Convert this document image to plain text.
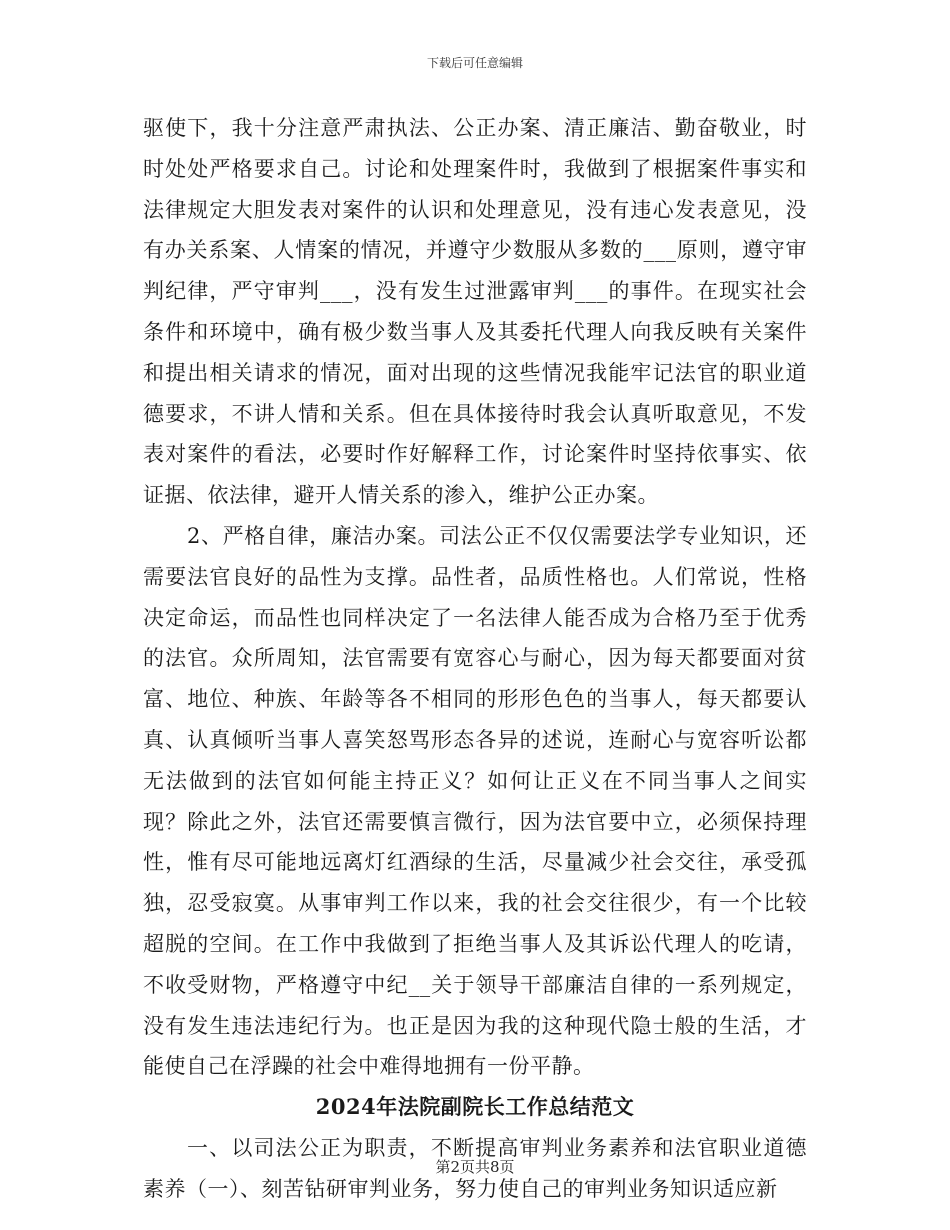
下载后可任意编辑

驱使下，我十分注意严肃执法、公正办案、清正廉洁、勤奋敬业，时时处处严格要求自己。讨论和处理案件时，我做到了根据案件事实和法律规定大胆发表对案件的认识和处理意见，没有违心发表意见，没有办关系案、人情案的情况，并遵守少数服从多数的___原则，遵守审判纪律，严守审判___，没有发生过泄露审判___的事件。在现实社会条件和环境中，确有极少数当事人及其委托代理人向我反映有关案件和提出相关请求的情况，面对出现的这些情况我能牢记法官的职业道德要求，不讲人情和关系。但在具体接待时我会认真听取意见，不发表对案件的看法，必要时作好解释工作，讨论案件时坚持依事实、依证据、依法律，避开人情关系的渗入，维护公正办案。

2、严格自律，廉洁办案。司法公正不仅仅需要法学专业知识，还需要法官良好的品性为支撑。品性者，品质性格也。人们常说，性格决定命运，而品性也同样决定了一名法律人能否成为合格乃至于优秀的法官。众所周知，法官需要有宽容心与耐心，因为每天都要面对贫富、地位、种族、年龄等各不相同的形形色色的当事人，每天都要认真、认真倾听当事人喜笑怒骂形态各异的述说，连耐心与宽容听讼都无法做到的法官如何能主持正义？如何让正义在不同当事人之间实现？除此之外，法官还需要慎言微行，因为法官要中立，必须保持理性，惟有尽可能地远离灯红酒绿的生活，尽量减少社会交往，承受孤独，忍受寂寞。从事审判工作以来，我的社会交往很少，有一个比较超脱的空间。在工作中我做到了拒绝当事人及其诉讼代理人的吃请，不收受财物，严格遵守中纪__关于领导干部廉洁自律的一系列规定，没有发生违法违纪行为。也正是因为我的这种现代隐士般的生活，才能使自己在浮躁的社会中难得地拥有一份平静。

2024年法院副院长工作总结范文

一、以司法公正为职责，不断提高审判业务素养和法官职业道德素养（一）、刻苦钻研审判业务，努力使自己的审判业务知识适应新

第2页共8页
